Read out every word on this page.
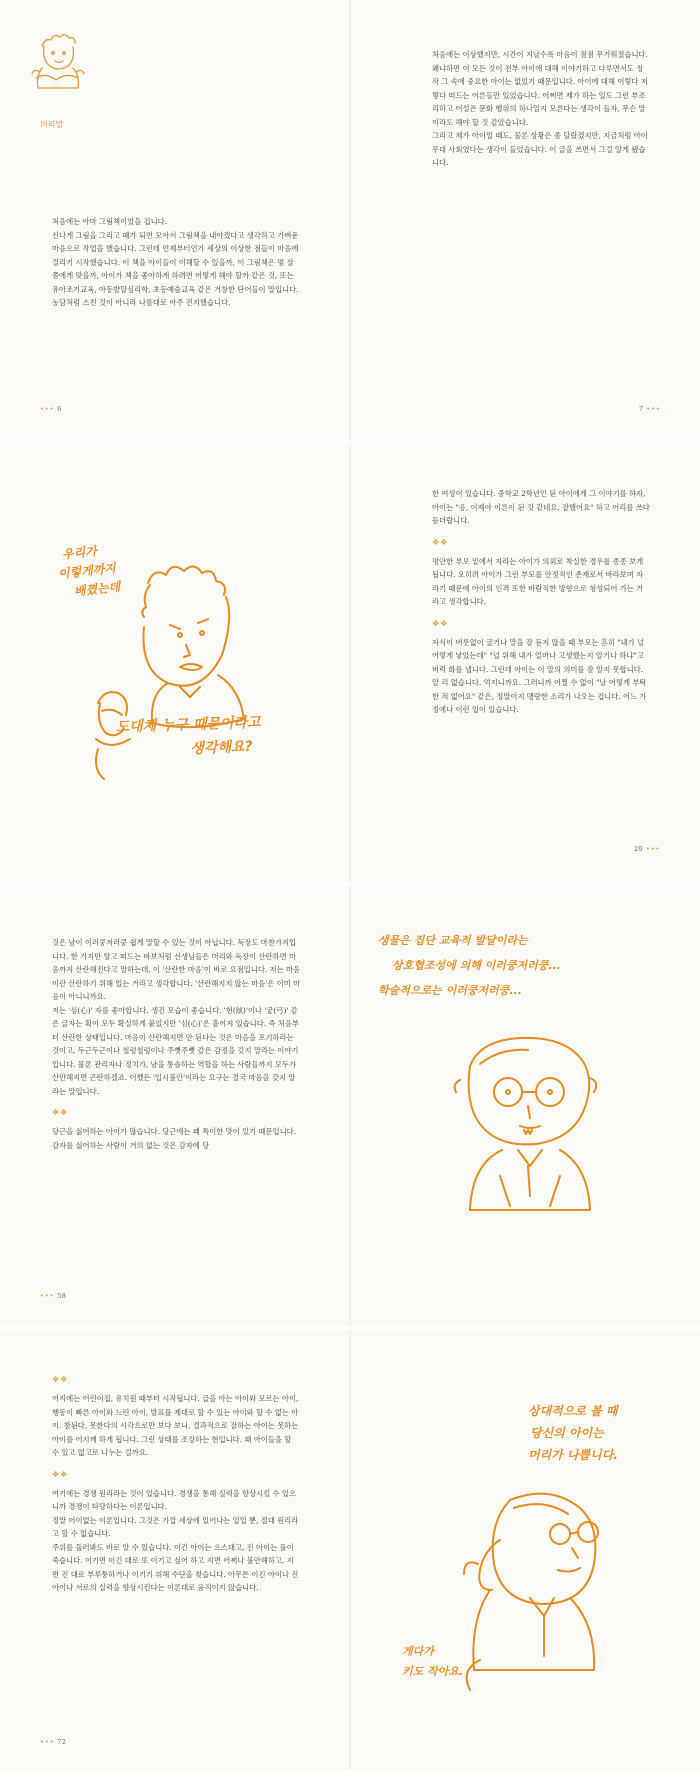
머리말

처음에는 아마 그림책이었을 겁니다.

신나게 그림을 그리고 때가 되면 모아서 그림책을 내야겠다고 생각하고 가벼운 마음으로 작업을 했습니다. 그런데 언제부터인가 세상의 이상한 점들이 마음에 걸리기 시작했습니다. 이 책을 아이들이 이해할 수 있을까, 이 그림책은 몇 살쯤에게 맞을까, 아이가 책을 좋아하게 하려면 어떻게 해야 할까 같은 것, 또는 유아조기교육, 아동발달심리학, 초등예술교육 같은 거창한 단어들이 말입니다. 농담처럼 스친 것이 아니라 나름대로 아주 진지했습니다.

••• 6

처음에는 이상했지만, 시간이 지날수록 마음이 점점 무거워졌습니다.

왜냐하면 이 모든 것이 전부 아이에 대해 이야기하고 다루면서도 정작 그 속에 중요한 아이는 없었기 때문입니다. 아이에 대해 이렇다 저렇다 떠드는 어른들만 있었습니다. 어쩌면 제가 하는 일도 그런 부조리하고 어설픈 문화 행위의 하나일지 모른다는 생각이 들자, 무슨 말이라도 해야 할 것 같았습니다.

그리고 제가 아이일 때도, 물론 상황은 좀 달랐겠지만, 지금처럼 아이 무대 사회였다는 생각이 들었습니다. 이 글을 쓰면서 그걸 알게 됐습니다.

7 •••
우리가
이렇게까지
배꼈는데
도대체 누구 때문이라고
생각해요?

한 여성이 있습니다. 중학교 2학년인 된 아이에게 그 이야기를 하자, 아이는 "응, 이제야 이른이 된 것 같네요, 잘했어요" 하고 어리를 쓰다듬더랍니다.

❖❖

평안한 부모 밑에서 자라는 아이가 의외로 착실한 경우를 종종 보게 됩니다. 오히려 아이가 그런 부모를 안정적인 존재로서 바라보며 자라기 때문에 아이의 인격 또한 바람직한 방향으로 형성되어 가는 거라고 생각합니다.

❖❖

자식이 버릇없이 굴거나 말을 잘 듣지 않을 때 부모는 흔히 "내가 널 어떻게 낳았는데" "널 위해 내가 얼마나 고생했는지 알기나 하냐"고 버럭 화를 냅니다. 그런데 아이는 이 말의 의미를 잘 알지 못합니다. 알 리 없습니다. 억지니까요. 그러니까 어쩔 수 없이 "날 어떻게 부탁한 적 없어요" 같은, 정말이지 맹랑한 소리가 나오는 겁니다. 어느 가정에나 이런 일이 있습니다.

29 •••

것은 남이 이러쿵저러쿵 쉽게 말할 수 있는 것이 아닙니다. 독장도 마찬가지입니다. 한 가지만 알고 떠드는 바보처럼 선생님들은 머리와 독장이 산란하면 마음까지 산란해진다고 말하는데, 이 '산란한 마음'이 바로 요점입니다. 저는 마음이란 산란하기 위해 있는 거라고 생각합니다. '산란해지지 않는 마음'은 이미 마음이 아니니까요.

저는 '심(心)' 자를 좋아합니다. 생긴 모습이 좋습니다. '현(絃)'이나 '궁(弓)' 같은 글자는 획이 모두 확실하게 붙었지만 '심(心)'은 흩어져 있습니다. 즉 처음부터 산란한 상태입니다. 마음이 산란해지면 안 된다는 것은 마음을 포기하라는 것이고, 두근두근이나 철렁철렁이나 주뼛주뼛 같은 감정을 갖지 말라는 이야기입니다. 물론 관리자나 정치가, 남을 통솔하는 역할을 하는 사람들까지 모두가 산만해지면 곤란하겠죠. 어쨌든 '입시불안'이라는 요구는 결국 마음을 갖지 말라는 말입니다.

❖❖

당근을 싫어하는 아이가 많습니다. 당근에는 꽤 특이한 맛이 있기 때문입니다. 감자를 싫어하는 사람이 거의 없는 것은 감자에 당

••• 58
생물은 집단 교육적 발달이라는
상호협조성에 의해 이러쿵저러쿵...
학술적으로는 이러쿵저러쿵...
❖❖

어지에는 어린이집, 유치원 때부터 시작됩니다. 급을 아는 아이와 모르는 아이, 행동이 빠른 아이와 느린 아이, 발표를 제대로 할 수 있는 아이와 할 수 없는 아이. 참된다, 못한다의 시각으로만 보다 보니, 결과적으로 잘하는 아이는 못하는 아이를 어지께 하게 됩니다. 그런 상태를 조장하는 현입니다. 왜 아이들을 할 수 있고 없고로 나누는 걸까요.

❖❖

여기에는 경쟁 원리라는 것이 있습니다. 경쟁을 통해 실력을 향상시킬 수 있으니까 경쟁이 타당하다는 이론입니다.

정말 어이없는 이론입니다. 그것은 가깝 세상에 있어나는 일일 뿐, 절대 원리라고 할 수 없습니다.

주위를 둘러봐도 바로 알 수 있습니다. 이긴 아이는 으스대고, 진 아이는 풀이 죽습니다. 이기면 이긴 대로 또 이기고 싶어 하고 지면 어쩌나 불안해하고, 지면 진 대로 부루퉁하거나 이기기 위해 수단을 찾습니다. 아무튼 이긴 아이나 진 아이나 서로의 실력을 향상시킨다는 이론대로 움직이지 않습니다.

••• 72
상대적으로 볼 때
당신의 아이는
머리가 나쁩니다.
게다가
키도 작아요.
